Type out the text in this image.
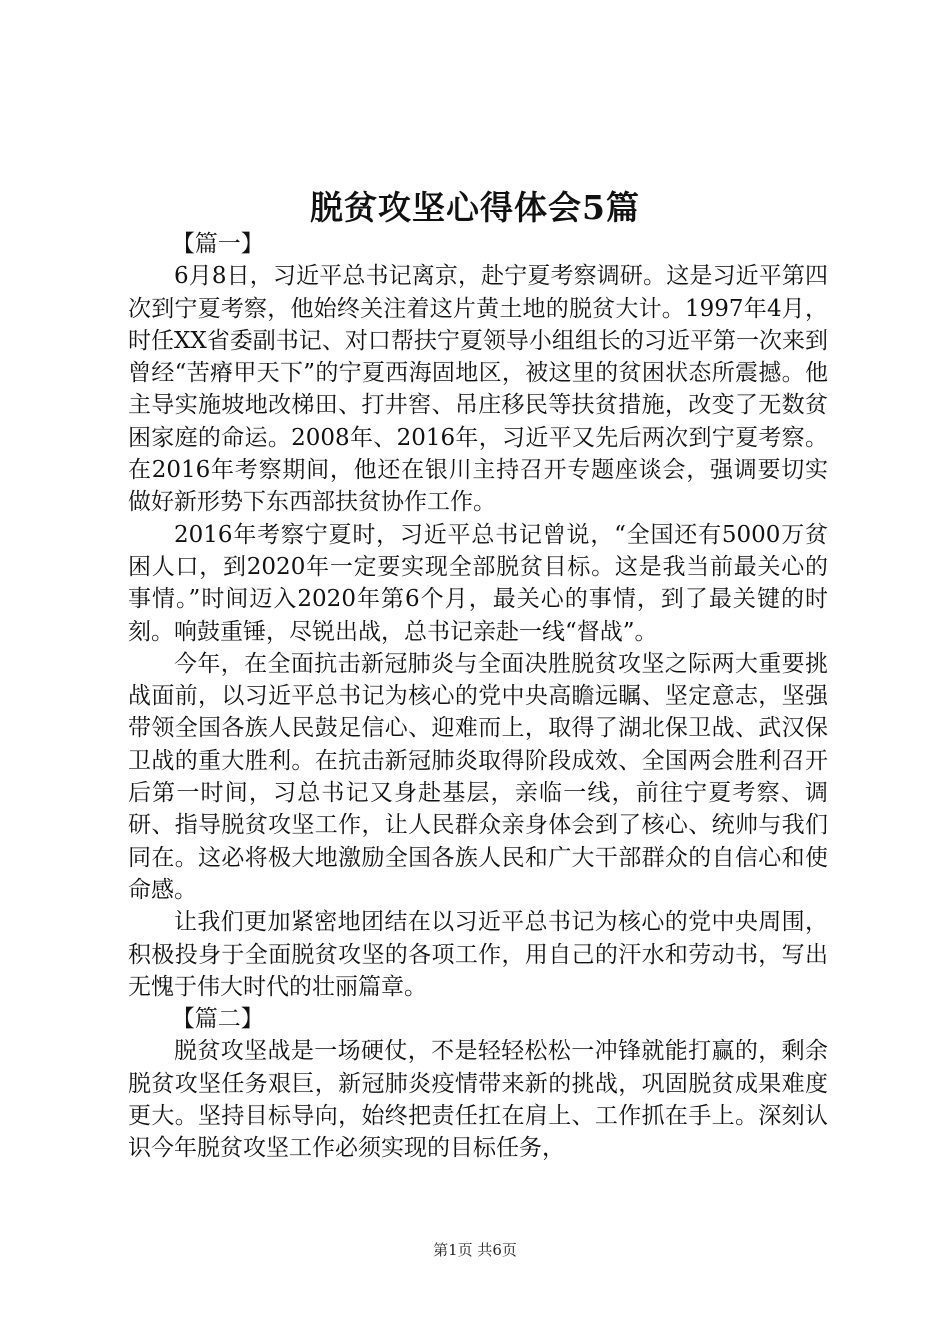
脱贫攻坚心得体会5篇

【篇一】

6月8日，习近平总书记离京，赴宁夏考察调研。这是习近平第四次到宁夏考察，他始终关注着这片黄土地的脱贫大计。1997年4月，时任XX省委副书记、对口帮扶宁夏领导小组组长的习近平第一次来到曾经“苦瘠甲天下”的宁夏西海固地区，被这里的贫困状态所震撼。他主导实施坡地改梯田、打井窖、吊庄移民等扶贫措施，改变了无数贫困家庭的命运。2008年、2016年，习近平又先后两次到宁夏考察。在2016年考察期间，他还在银川主持召开专题座谈会，强调要切实做好新形势下东西部扶贫协作工作。

2016年考察宁夏时，习近平总书记曾说，“全国还有5000万贫困人口，到2020年一定要实现全部脱贫目标。这是我当前最关心的事情。”时间迈入2020年第6个月，最关心的事情，到了最关键的时刻。响鼓重锤，尽锐出战，总书记亲赴一线“督战”。

今年，在全面抗击新冠肺炎与全面决胜脱贫攻坚之际两大重要挑战面前，以习近平总书记为核心的党中央高瞻远瞩、坚定意志，坚强带领全国各族人民鼓足信心、迎难而上，取得了湖北保卫战、武汉保卫战的重大胜利。在抗击新冠肺炎取得阶段成效、全国两会胜利召开后第一时间，习总书记又身赴基层，亲临一线，前往宁夏考察、调研、指导脱贫攻坚工作，让人民群众亲身体会到了核心、统帅与我们同在。这必将极大地激励全国各族人民和广大干部群众的自信心和使命感。

让我们更加紧密地团结在以习近平总书记为核心的党中央周围，积极投身于全面脱贫攻坚的各项工作，用自己的汗水和劳动书，写出无愧于伟大时代的壮丽篇章。

【篇二】

脱贫攻坚战是一场硬仗，不是轻轻松松一冲锋就能打赢的，剩余脱贫攻坚任务艰巨，新冠肺炎疫情带来新的挑战，巩固脱贫成果难度更大。坚持目标导向，始终把责任扛在肩上、工作抓在手上。深刻认识今年脱贫攻坚工作必须实现的目标任务，

第1页 共6页
